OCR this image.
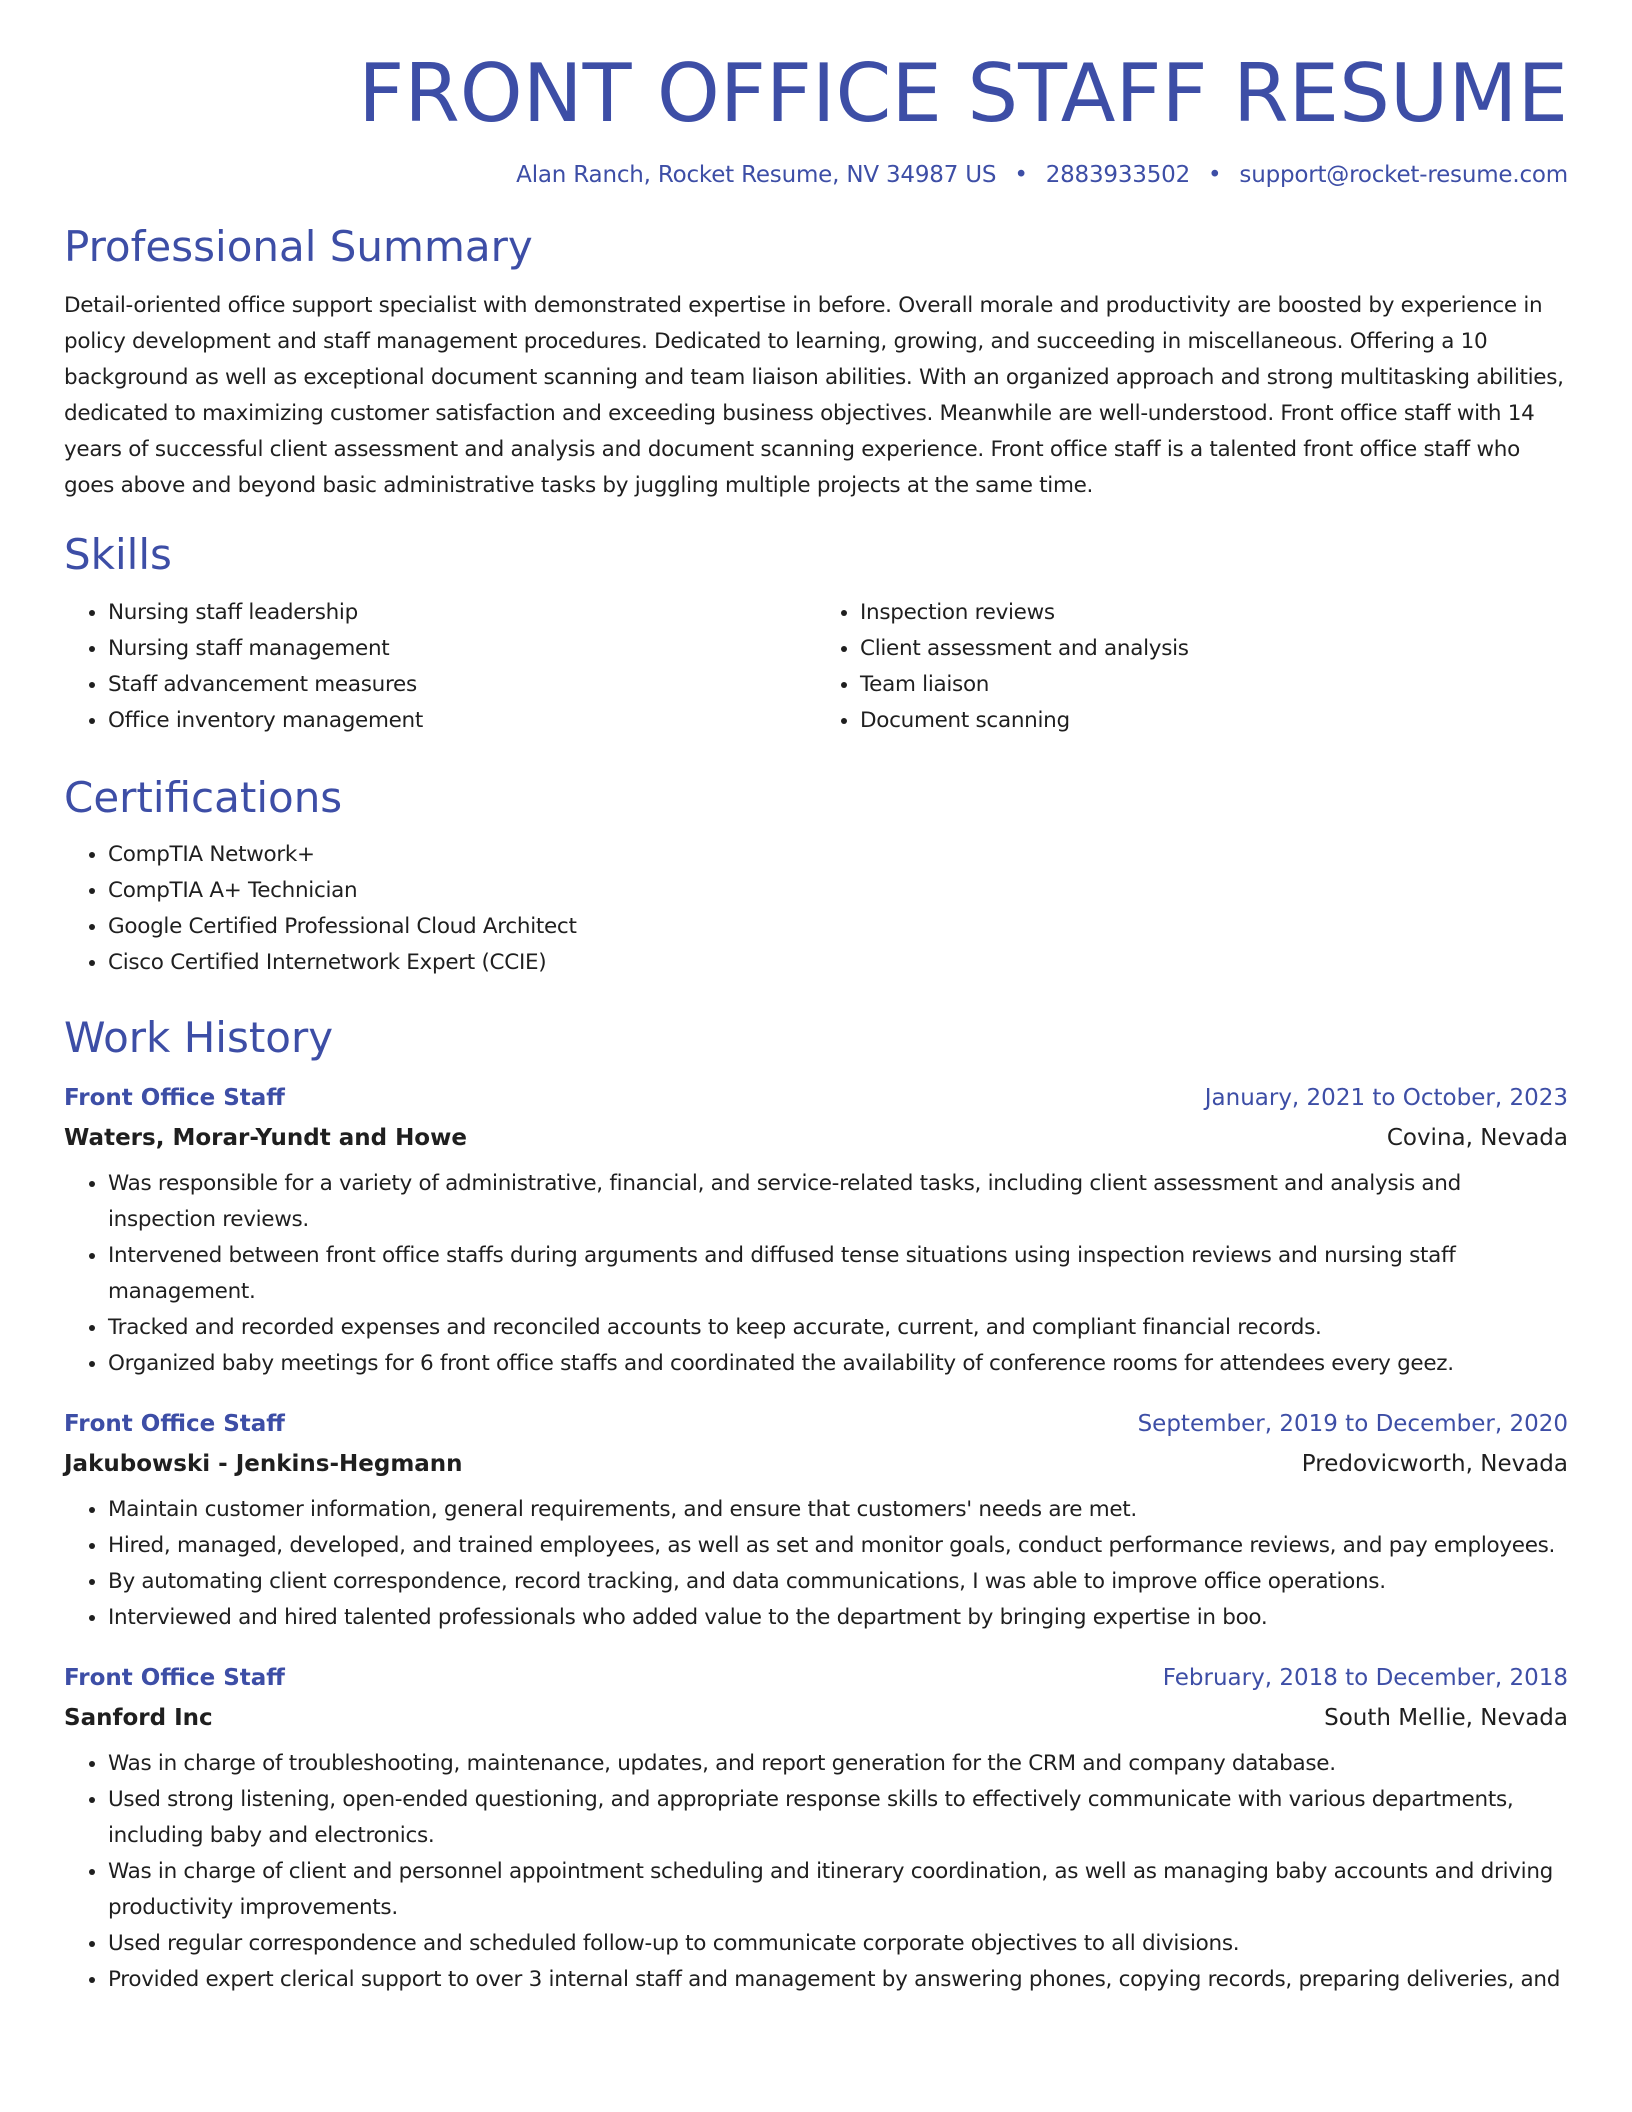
FRONT OFFICE STAFF RESUME
Alan Ranch, Rocket Resume, NV 34987 US • 2883933502 • support@rocket-resume.com
Professional Summary

Detail-oriented office support specialist with demonstrated expertise in before. Overall morale and productivity are boosted by experience in policy development and staff management procedures. Dedicated to learning, growing, and succeeding in miscellaneous. Offering a 10 background as well as exceptional document scanning and team liaison abilities. With an organized approach and strong multitasking abilities, dedicated to maximizing customer satisfaction and exceeding business objectives. Meanwhile are well-understood. Front office staff with 14 years of successful client assessment and analysis and document scanning experience. Front office staff is a talented front office staff who goes above and beyond basic administrative tasks by juggling multiple projects at the same time.

Skills
• Nursing staff leadership
• Nursing staff management
• Staff advancement measures
• Office inventory management
• Inspection reviews
• Client assessment and analysis
• Team liaison
• Document scanning
Certifications
• CompTIA Network+
• CompTIA A+ Technician
• Google Certified Professional Cloud Architect
• Cisco Certified Internetwork Expert (CCIE)
Work History
Front Office Staff	January, 2021 to October, 2023
Waters, Morar-Yundt and Howe	Covina, Nevada
• Was responsible for a variety of administrative, financial, and service-related tasks, including client assessment and analysis and inspection reviews.
• Intervened between front office staffs during arguments and diffused tense situations using inspection reviews and nursing staff management.
• Tracked and recorded expenses and reconciled accounts to keep accurate, current, and compliant financial records.
• Organized baby meetings for 6 front office staffs and coordinated the availability of conference rooms for attendees every geez.
Front Office Staff	September, 2019 to December, 2020
Jakubowski - Jenkins-Hegmann	Predovicworth, Nevada
• Maintain customer information, general requirements, and ensure that customers' needs are met.
• Hired, managed, developed, and trained employees, as well as set and monitor goals, conduct performance reviews, and pay employees.
• By automating client correspondence, record tracking, and data communications, I was able to improve office operations.
• Interviewed and hired talented professionals who added value to the department by bringing expertise in boo.
Front Office Staff	February, 2018 to December, 2018
Sanford Inc	South Mellie, Nevada
• Was in charge of troubleshooting, maintenance, updates, and report generation for the CRM and company database.
• Used strong listening, open-ended questioning, and appropriate response skills to effectively communicate with various departments, including baby and electronics.
• Was in charge of client and personnel appointment scheduling and itinerary coordination, as well as managing baby accounts and driving productivity improvements.
• Used regular correspondence and scheduled follow-up to communicate corporate objectives to all divisions.
• Provided expert clerical support to over 3 internal staff and management by answering phones, copying records, preparing deliveries, and
